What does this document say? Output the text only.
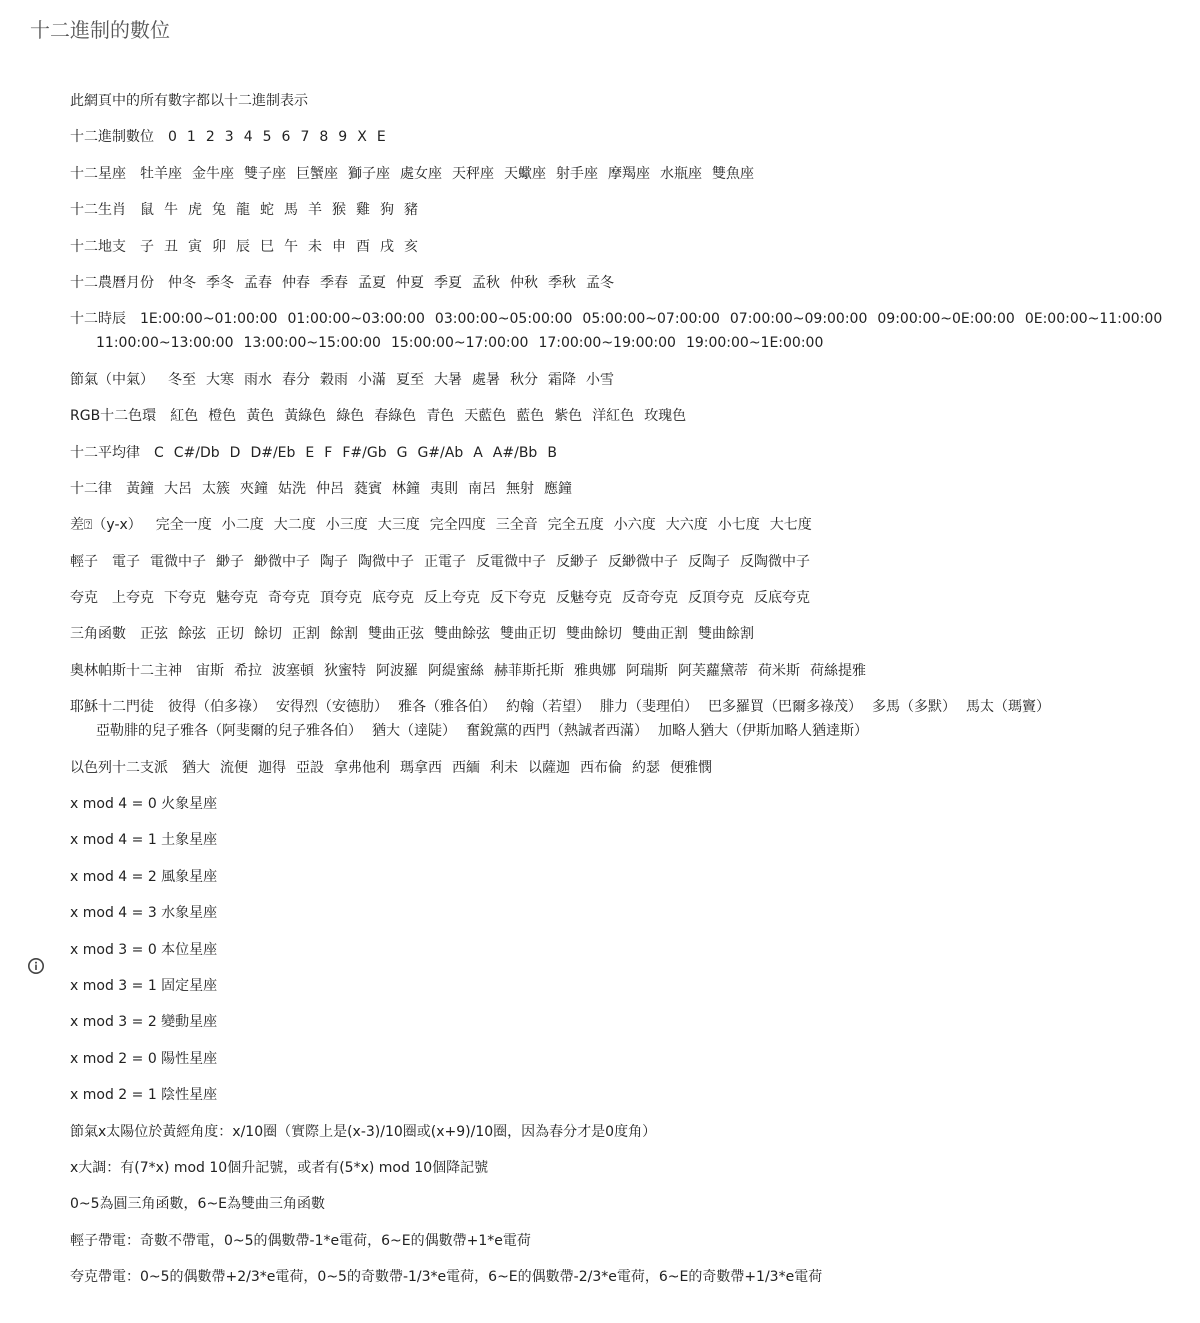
十二進制的數位
此網頁中的所有數字都以十二進制表示
十二進制數位 0 1 2 3 4 5 6 7 8 9 X E
十二星座 牡羊座 金牛座 雙子座 巨蟹座 獅子座 處女座 天秤座 天蠍座 射手座 摩羯座 水瓶座 雙魚座
十二生肖 鼠 牛 虎 兔 龍 蛇 馬 羊 猴 雞 狗 豬
十二地支 子 丑 寅 卯 辰 巳 午 未 申 酉 戌 亥
十二農曆月份 仲冬 季冬 孟春 仲春 季春 孟夏 仲夏 季夏 孟秋 仲秋 季秋 孟冬
十二時辰 1E:00:00~01:00:00 01:00:00~03:00:00 03:00:00~05:00:00 05:00:00~07:00:00 07:00:00~09:00:00 09:00:00~0E:00:00 0E:00:00~11:00:00
11:00:00~13:00:00 13:00:00~15:00:00 15:00:00~17:00:00 17:00:00~19:00:00 19:00:00~1E:00:00
節氣（中氣） 冬至 大寒 雨水 春分 穀雨 小滿 夏至 大暑 處暑 秋分 霜降 小雪
RGB十二色環 紅色 橙色 黃色 黃綠色 綠色 春綠色 青色 天藍色 藍色 紫色 洋紅色 玫瑰色
十二平均律 C C#/Db D D#/Eb E F F#/Gb G G#/Ab A A#/Bb B
十二律 黃鐘 大呂 太簇 夾鐘 姑洗 仲呂 蕤賓 林鐘 夷則 南呂 無射 應鐘
差⍰（y-x） 完全一度 小二度 大二度 小三度 大三度 完全四度 三全音 完全五度 小六度 大六度 小七度 大七度
輕子 電子 電微中子 緲子 緲微中子 陶子 陶微中子 正電子 反電微中子 反緲子 反緲微中子 反陶子 反陶微中子
夸克 上夸克 下夸克 魅夸克 奇夸克 頂夸克 底夸克 反上夸克 反下夸克 反魅夸克 反奇夸克 反頂夸克 反底夸克
三角函數 正弦 餘弦 正切 餘切 正割 餘割 雙曲正弦 雙曲餘弦 雙曲正切 雙曲餘切 雙曲正割 雙曲餘割
奧林帕斯十二主神 宙斯 希拉 波塞頓 狄蜜特 阿波羅 阿緹蜜絲 赫菲斯托斯 雅典娜 阿瑞斯 阿芙蘿黛蒂 荷米斯 荷絲提雅
耶穌十二門徒 彼得（伯多祿） 安得烈（安德肋） 雅各（雅各伯） 約翰（若望） 腓力（斐理伯） 巴多羅買（巴爾多祿茂） 多馬（多默） 馬太（瑪竇）
亞勒腓的兒子雅各（阿斐爾的兒子雅各伯） 猶大（達陡） 奮銳黨的西門（熱誠者西滿） 加略人猶大（伊斯加略人猶達斯）
以色列十二支派 猶大 流便 迦得 亞設 拿弗他利 瑪拿西 西緬 利未 以薩迦 西布倫 約瑟 便雅憫
x mod 4 = 0 火象星座
x mod 4 = 1 土象星座
x mod 4 = 2 風象星座
x mod 4 = 3 水象星座
x mod 3 = 0 本位星座
x mod 3 = 1 固定星座
x mod 3 = 2 變動星座
x mod 2 = 0 陽性星座
x mod 2 = 1 陰性星座
節氣x太陽位於黃經角度：x/10圈（實際上是(x-3)/10圈或(x+9)/10圈，因為春分才是0度角）
x大調：有(7*x) mod 10個升記號，或者有(5*x) mod 10個降記號
0~5為圓三角函數，6~E為雙曲三角函數
輕子帶電：奇數不帶電，0~5的偶數帶-1*e電荷，6~E的偶數帶+1*e電荷
夸克帶電：0~5的偶數帶+2/3*e電荷，0~5的奇數帶-1/3*e電荷，6~E的偶數帶-2/3*e電荷，6~E的奇數帶+1/3*e電荷
